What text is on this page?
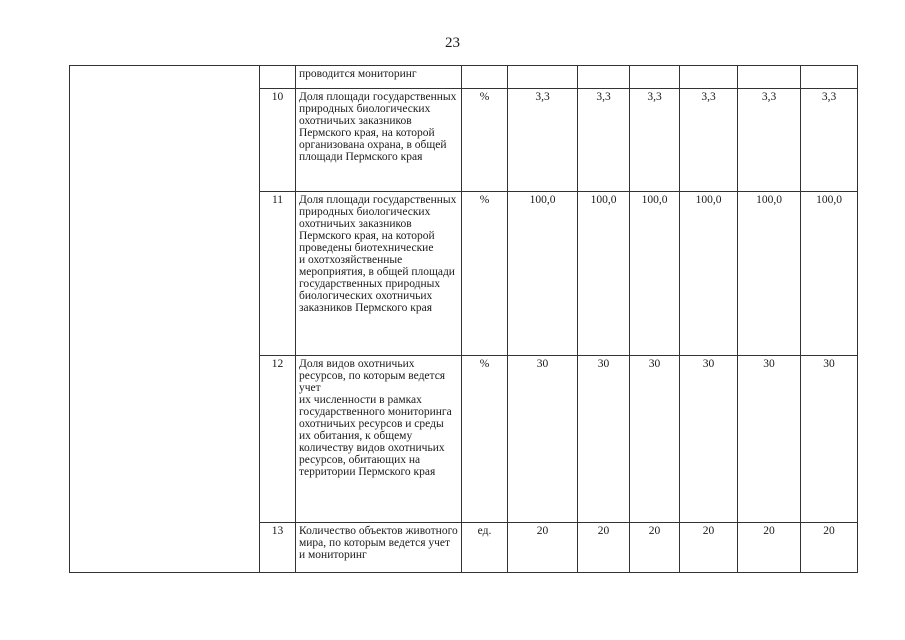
23
		проводится мониторинг							
	10	Доля площади государственных природных биологических охотничьих заказников Пермского края, на которой организована охрана, в общей площади Пермского края	%	3,3	3,3	3,3	3,3	3,3	3,3
	11	Доля площади государственных природных биологических охотничьих заказников Пермского края, на которой проведены биотехнические
и охотхозяйственные мероприятия, в общей площади государственных природных биологических охотничьих заказников Пермского края	%	100,0	100,0	100,0	100,0	100,0	100,0
	12	Доля видов охотничьих ресурсов, по которым ведется учет
их численности в рамках государственного мониторинга охотничьих ресурсов и среды
их обитания, к общему количеству видов охотничьих ресурсов, обитающих на территории Пермского края	%	30	30	30	30	30	30
	13	Количество объектов животного мира, по которым ведется учет и мониторинг	ед.	20	20	20	20	20	20
